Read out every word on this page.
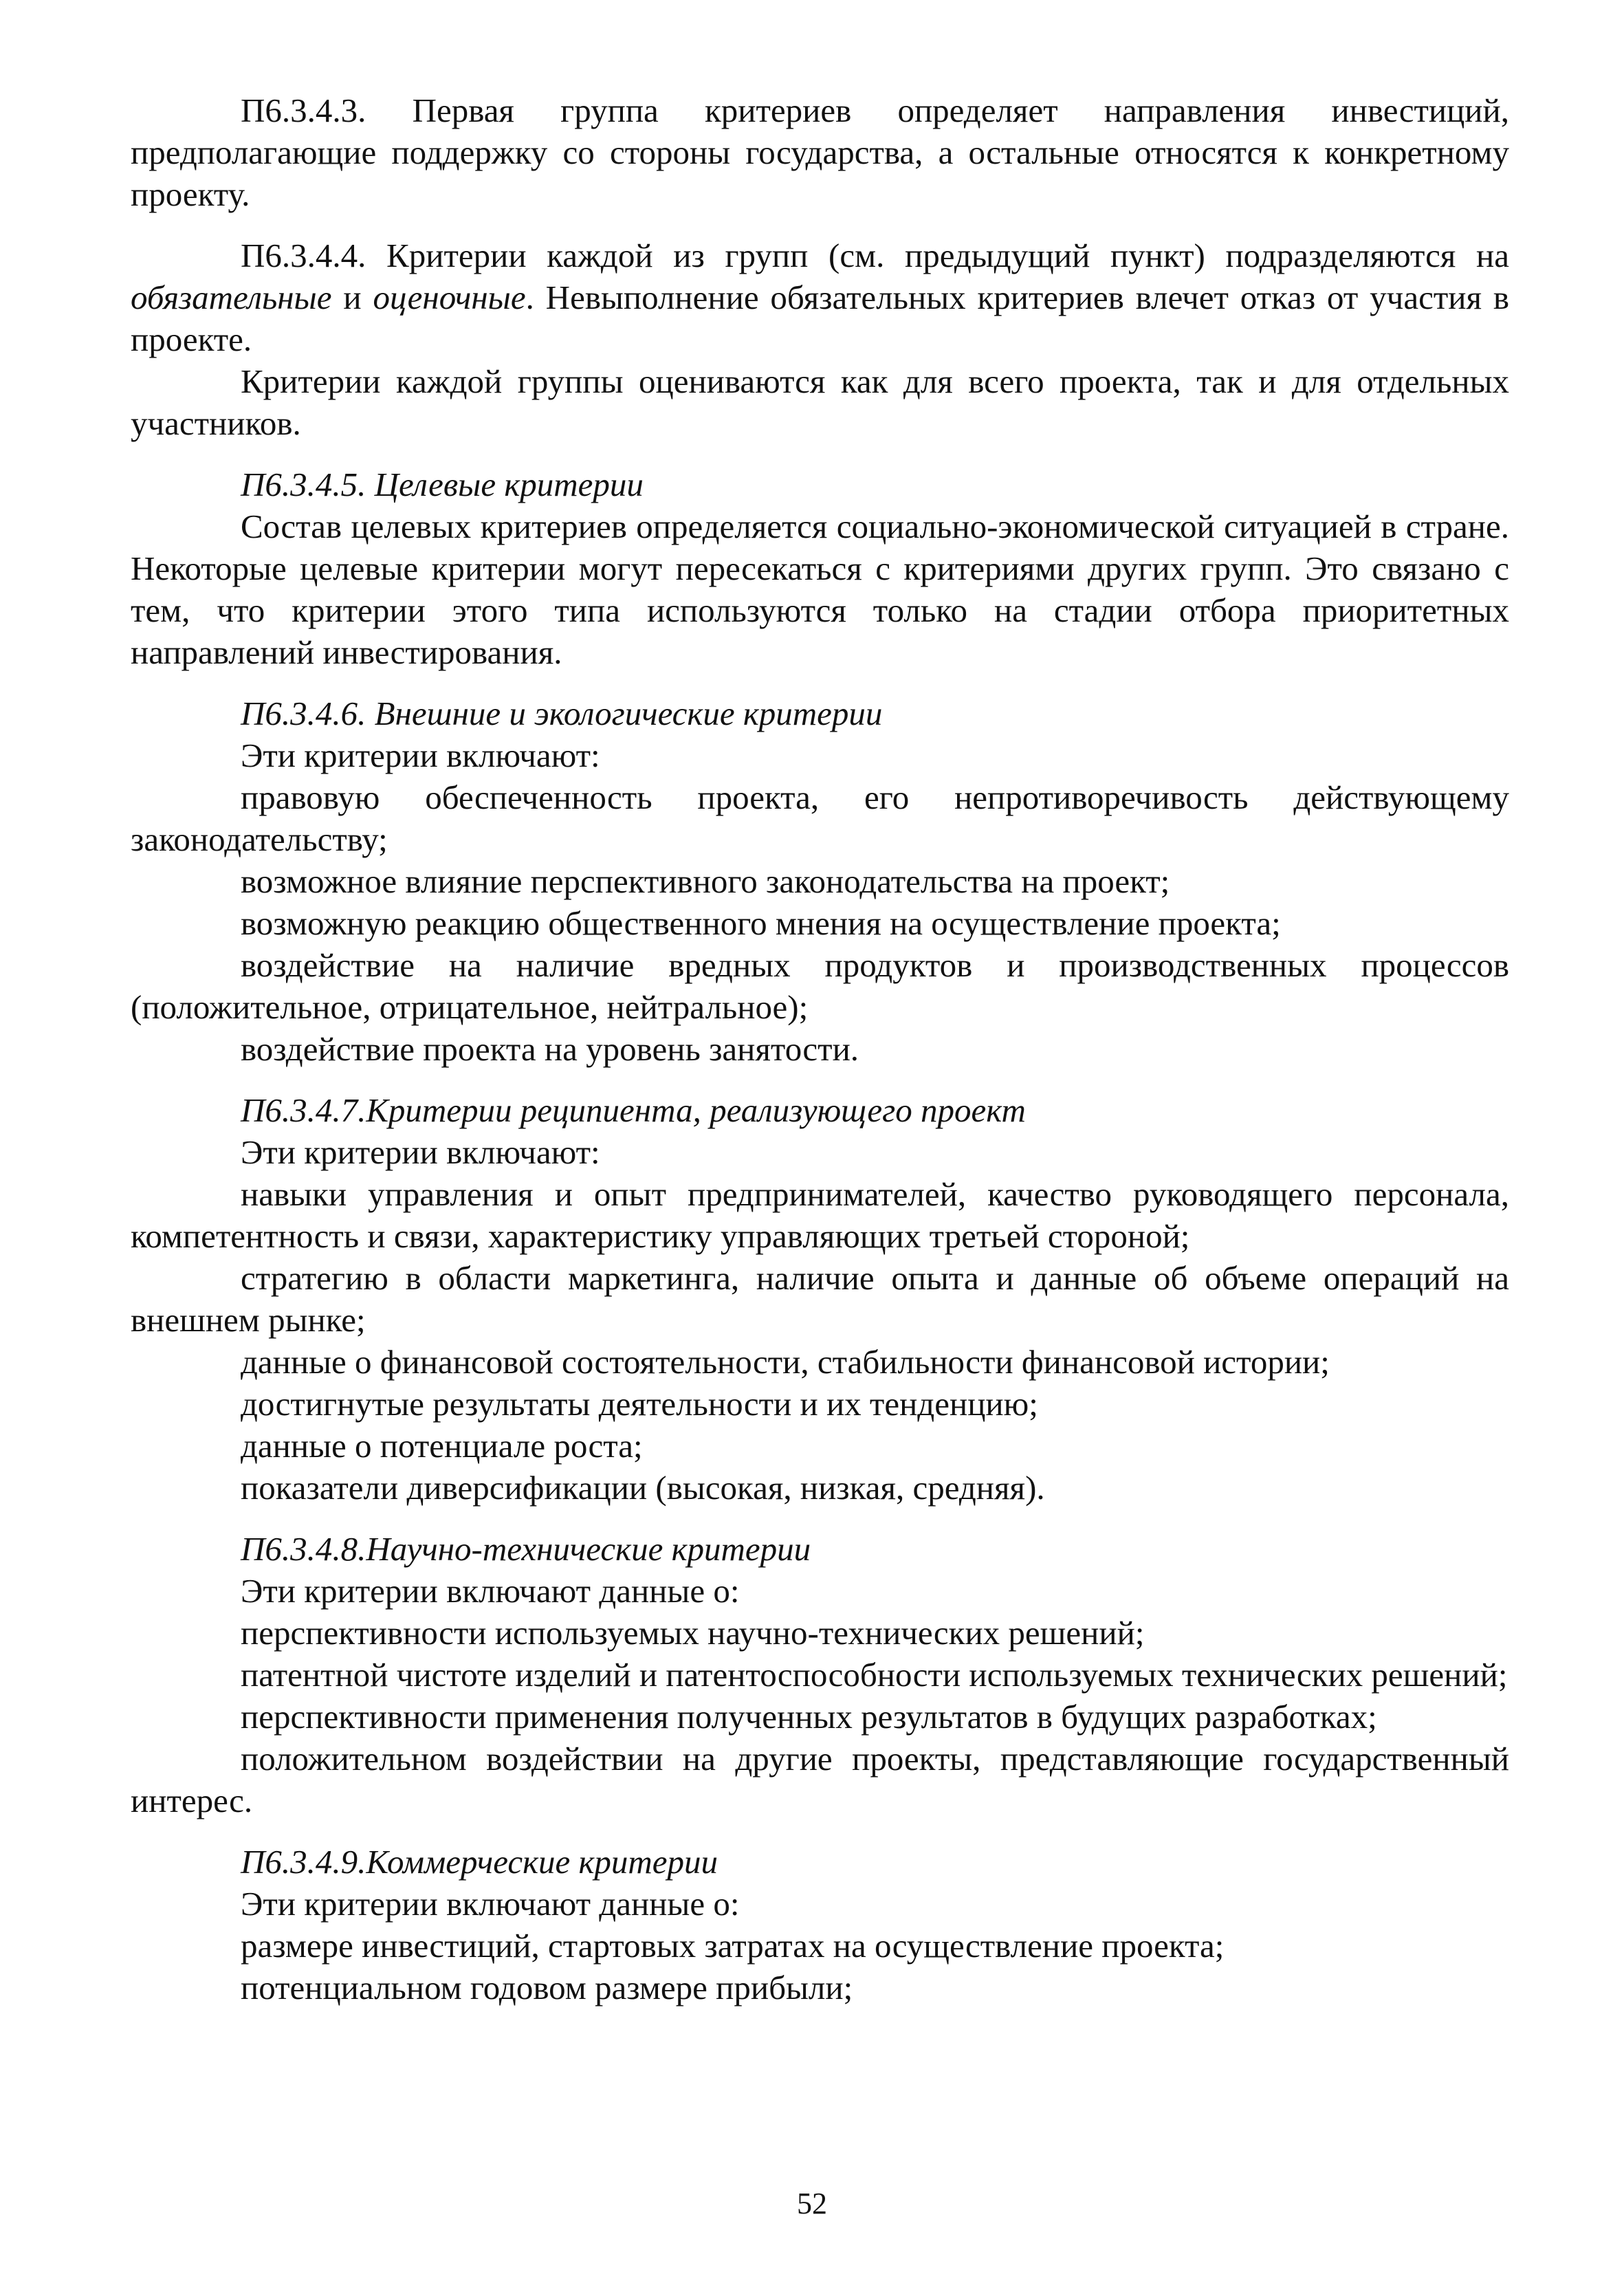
П6.3.4.3. Первая группа критериев определяет направления инвестиций, предполагающие поддержку со стороны государства, а остальные относятся к конкретному проекту.

П6.3.4.4. Критерии каждой из групп (см. предыдущий пункт) подразделяются на обязательные и оценочные. Невыполнение обязательных критериев влечет отказ от участия в проекте.

Критерии каждой группы оцениваются как для всего проекта, так и для отдельных участников.

П6.3.4.5. Целевые критерии

Состав целевых критериев определяется социально-экономической ситуацией в стране. Некоторые целевые критерии могут пересекаться с критериями других групп. Это связано с тем, что критерии этого типа используются только на стадии отбора приоритетных направлений инвестирования.

П6.3.4.6. Внешние и экологические критерии

Эти критерии включают:

правовую обеспеченность проекта, его непротиворечивость действующему законодательству;

возможное влияние перспективного законодательства на проект;

возможную реакцию общественного мнения на осуществление проекта;

воздействие на наличие вредных продуктов и производственных процессов (положительное, отрицательное, нейтральное);

воздействие проекта на уровень занятости.

П6.3.4.7.Критерии реципиента, реализующего проект

Эти критерии включают:

навыки управления и опыт предпринимателей, качество руководящего персонала, компетентность и связи, характеристику управляющих третьей стороной;

стратегию в области маркетинга, наличие опыта и данные об объеме операций на внешнем рынке;

данные о финансовой состоятельности, стабильности финансовой истории;

достигнутые результаты деятельности и их тенденцию;

данные о потенциале роста;

показатели диверсификации (высокая, низкая, средняя).

П6.3.4.8.Научно-технические критерии

Эти критерии включают данные о:

перспективности используемых научно-технических решений;

патентной чистоте изделий и патентоспособности используемых технических решений;

перспективности применения полученных результатов в будущих разработках;

положительном воздействии на другие проекты, представляющие государственный интерес.

П6.3.4.9.Коммерческие критерии

Эти критерии включают данные о:

размере инвестиций, стартовых затратах на осуществление проекта;

потенциальном годовом размере прибыли;

52
